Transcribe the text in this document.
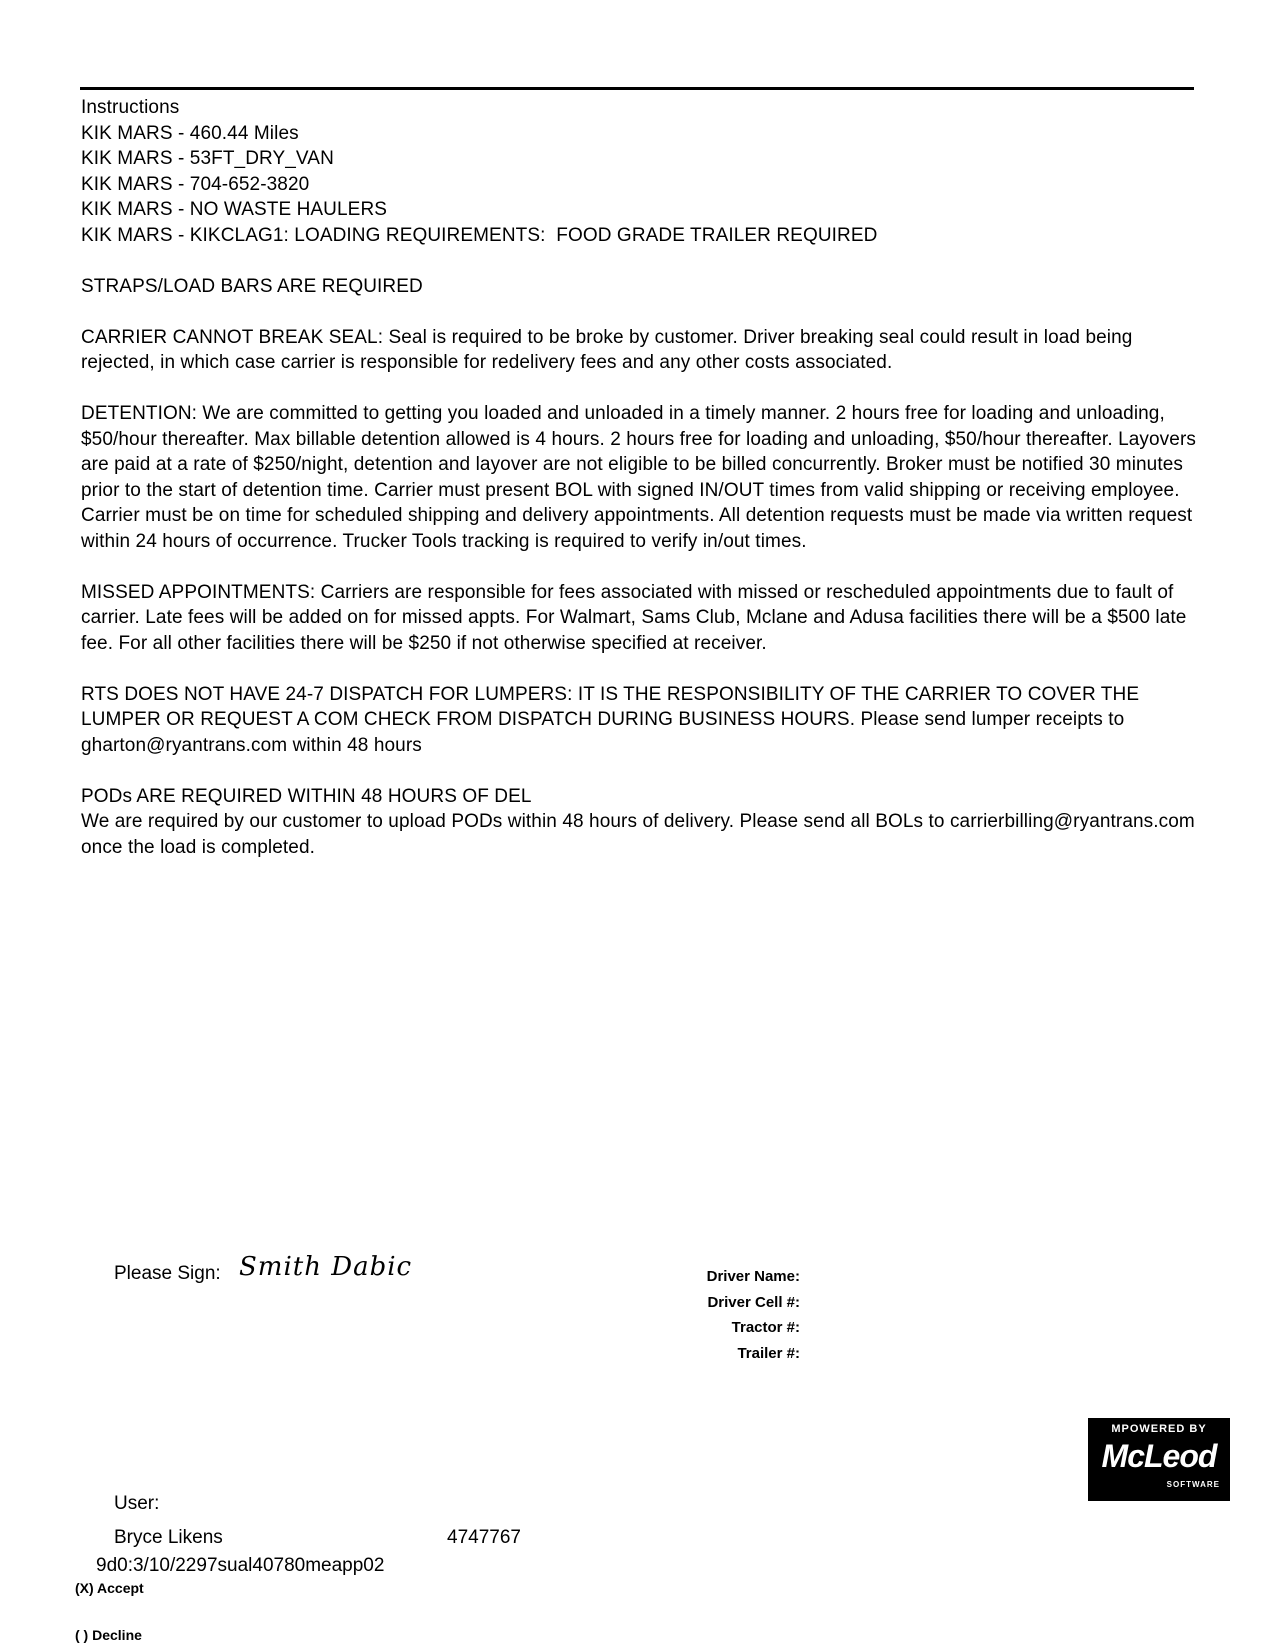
Instructions
KIK MARS - 460.44 Miles
KIK MARS - 53FT_DRY_VAN
KIK MARS - 704-652-3820
KIK MARS - NO WASTE HAULERS
KIK MARS - KIKCLAG1: LOADING REQUIREMENTS:  FOOD GRADE TRAILER REQUIRED
STRAPS/LOAD BARS ARE REQUIRED
CARRIER CANNOT BREAK SEAL: Seal is required to be broke by customer. Driver breaking seal could result in load being rejected, in which case carrier is responsible for redelivery fees and any other costs associated.
DETENTION: We are committed to getting you loaded and unloaded in a timely manner. 2 hours free for loading and unloading, $50/hour thereafter. Max billable detention allowed is 4 hours. 2 hours free for loading and unloading, $50/hour thereafter. Layovers are paid at a rate of $250/night, detention and layover are not eligible to be billed concurrently. Broker must be notified 30 minutes prior to the start of detention time. Carrier must present BOL with signed IN/OUT times from valid shipping or receiving employee. Carrier must be on time for scheduled shipping and delivery appointments. All detention requests must be made via written request within 24 hours of occurrence. Trucker Tools tracking is required to verify in/out times.
MISSED APPOINTMENTS: Carriers are responsible for fees associated with missed or rescheduled appointments due to fault of carrier. Late fees will be added on for missed appts. For Walmart, Sams Club, Mclane and Adusa facilities there will be a $500 late fee. For all other facilities there will be $250 if not otherwise specified at receiver.
RTS DOES NOT HAVE 24-7 DISPATCH FOR LUMPERS: IT IS THE RESPONSIBILITY OF THE CARRIER TO COVER THE LUMPER OR REQUEST A COM CHECK FROM DISPATCH DURING BUSINESS HOURS. Please send lumper receipts to gharton@ryantrans.com within 48 hours
PODs ARE REQUIRED WITHIN 48 HOURS OF DEL
We are required by our customer to upload PODs within 48 hours of delivery. Please send all BOLs to carrierbilling@ryantrans.com once the load is completed.
Please Sign: Smith Dabic	Driver Name:
Driver Cell #:
Tractor #:
Trailer #:
MPOWERED BY
McLeod
SOFTWARE
User:
Bryce Likens	4747767
9d0:3/10/2297sual40780meapp02
(X) Accept
( ) Decline
